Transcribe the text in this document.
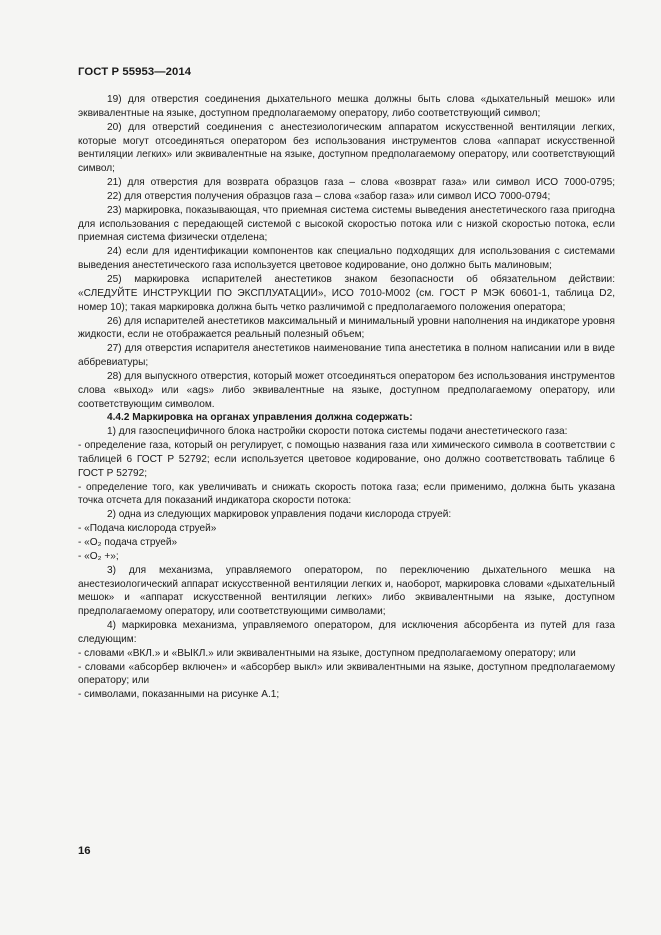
ГОСТ Р 55953—2014

19) для отверстия соединения дыхательного мешка должны быть слова «дыхательный мешок» или эквивалентные на языке, доступном предполагаемому оператору, либо соответствующий символ;

20) для отверстий соединения с анестезиологическим аппаратом искусственной вентиляции легких, которые могут отсоединяться оператором без использования инструментов слова «аппарат искусственной вентиляции легких» или эквивалентные на языке, доступном предполагаемому оператору, или соответствующий символ;

21) для отверстия для возврата образцов газа – слова «возврат газа» или символ ИСО 7000-0795;

22) для отверстия получения образцов газа – слова «забор газа» или символ ИСО 7000-0794;

23) маркировка, показывающая, что приемная система системы выведения анестетического газа пригодна для использования с передающей системой с высокой скоростью потока или с низкой скоростью потока, если приемная система физически отделена;

24) если для идентификации компонентов как специально подходящих для использования с системами выведения анестетического газа используется цветовое кодирование, оно должно быть малиновым;

25) маркировка испарителей анестетиков знаком безопасности об обязательном действии:

«СЛЕДУЙТЕ ИНСТРУКЦИИ ПО ЭКСПЛУАТАЦИИ», ИСО 7010-М002 (см. ГОСТ Р МЭК 60601-1, таблица D2, номер 10); такая маркировка должна быть четко различимой с предполагаемого положения оператора;

26) для испарителей анестетиков максимальный и минимальный уровни наполнения на индикаторе уровня жидкости, если не отображается реальный полезный объем;

27) для отверстия испарителя анестетиков наименование типа анестетика в полном написании или в виде аббревиатуры;

28) для выпускного отверстия, который может отсоединяться оператором без использования инструментов слова «выход» или «ags» либо эквивалентные на языке, доступном предполагаемому оператору, или соответствующим символом.

4.4.2 Маркировка на органах управления должна содержать:

1) для газоспецифичного блока настройки скорости потока системы подачи анестетического газа:

- определение газа, который он регулирует, с помощью названия газа или химического символа в соответствии с таблицей 6 ГОСТ Р 52792; если используется цветовое кодирование, оно должно соответствовать таблице 6 ГОСТ Р 52792;

- определение того, как увеличивать и снижать скорость потока газа; если применимо, должна быть указана точка отсчета для показаний индикатора скорости потока:

2) одна из следующих маркировок управления подачи кислорода струей:

- «Подача кислорода струей»

- «O₂ подача струей»

- «O₂ +»;

3) для механизма, управляемого оператором, по переключению дыхательного мешка на анестезиологический аппарат искусственной вентиляции легких и, наоборот, маркировка словами «дыхательный мешок» и «аппарат искусственной вентиляции легких» либо эквивалентными на языке, доступном предполагаемому оператору, или соответствующими символами;

4) маркировка механизма, управляемого оператором, для исключения абсорбента из путей для газа следующим:

- словами «ВКЛ.» и «ВЫКЛ.» или эквивалентными на языке, доступном предполагаемому оператору; или

- словами «абсорбер включен» и «абсорбер выкл» или эквивалентными на языке, доступном предполагаемому оператору; или

- символами, показанными на рисунке А.1;

16
